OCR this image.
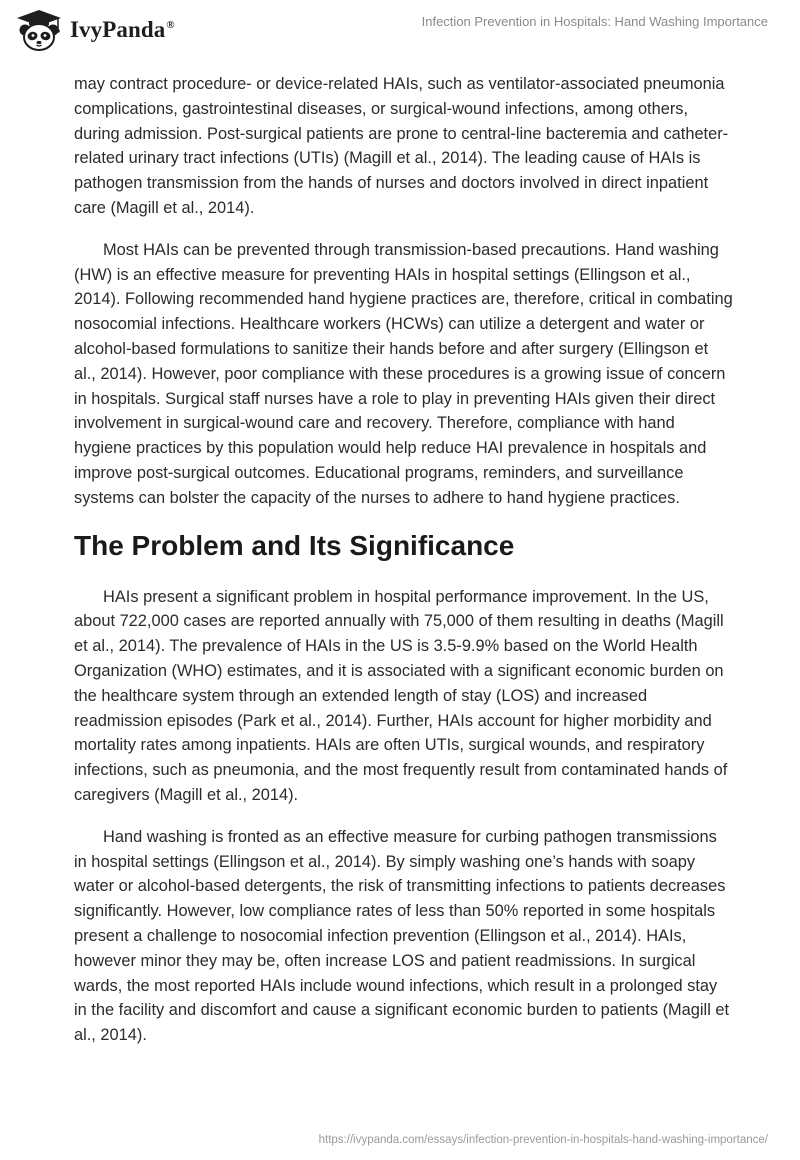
IvyPanda®	Infection Prevention in Hospitals: Hand Washing Importance

may contract procedure- or device-related HAIs, such as ventilator-associated pneumonia complications, gastrointestinal diseases, or surgical-wound infections, among others, during admission. Post-surgical patients are prone to central-line bacteremia and catheter-related urinary tract infections (UTIs) (Magill et al., 2014). The leading cause of HAIs is pathogen transmission from the hands of nurses and doctors involved in direct inpatient care (Magill et al., 2014).

Most HAIs can be prevented through transmission-based precautions. Hand washing (HW) is an effective measure for preventing HAIs in hospital settings (Ellingson et al., 2014). Following recommended hand hygiene practices are, therefore, critical in combating nosocomial infections. Healthcare workers (HCWs) can utilize a detergent and water or alcohol-based formulations to sanitize their hands before and after surgery (Ellingson et al., 2014). However, poor compliance with these procedures is a growing issue of concern in hospitals. Surgical staff nurses have a role to play in preventing HAIs given their direct involvement in surgical-wound care and recovery. Therefore, compliance with hand hygiene practices by this population would help reduce HAI prevalence in hospitals and improve post-surgical outcomes. Educational programs, reminders, and surveillance systems can bolster the capacity of the nurses to adhere to hand hygiene practices.

The Problem and Its Significance

HAIs present a significant problem in hospital performance improvement. In the US, about 722,000 cases are reported annually with 75,000 of them resulting in deaths (Magill et al., 2014). The prevalence of HAIs in the US is 3.5-9.9% based on the World Health Organization (WHO) estimates, and it is associated with a significant economic burden on the healthcare system through an extended length of stay (LOS) and increased readmission episodes (Park et al., 2014). Further, HAIs account for higher morbidity and mortality rates among inpatients. HAIs are often UTIs, surgical wounds, and respiratory infections, such as pneumonia, and the most frequently result from contaminated hands of caregivers (Magill et al., 2014).

Hand washing is fronted as an effective measure for curbing pathogen transmissions in hospital settings (Ellingson et al., 2014). By simply washing one’s hands with soapy water or alcohol-based detergents, the risk of transmitting infections to patients decreases significantly. However, low compliance rates of less than 50% reported in some hospitals present a challenge to nosocomial infection prevention (Ellingson et al., 2014). HAIs, however minor they may be, often increase LOS and patient readmissions. In surgical wards, the most reported HAIs include wound infections, which result in a prolonged stay in the facility and discomfort and cause a significant economic burden to patients (Magill et al., 2014).

https://ivypanda.com/essays/infection-prevention-in-hospitals-hand-washing-importance/
